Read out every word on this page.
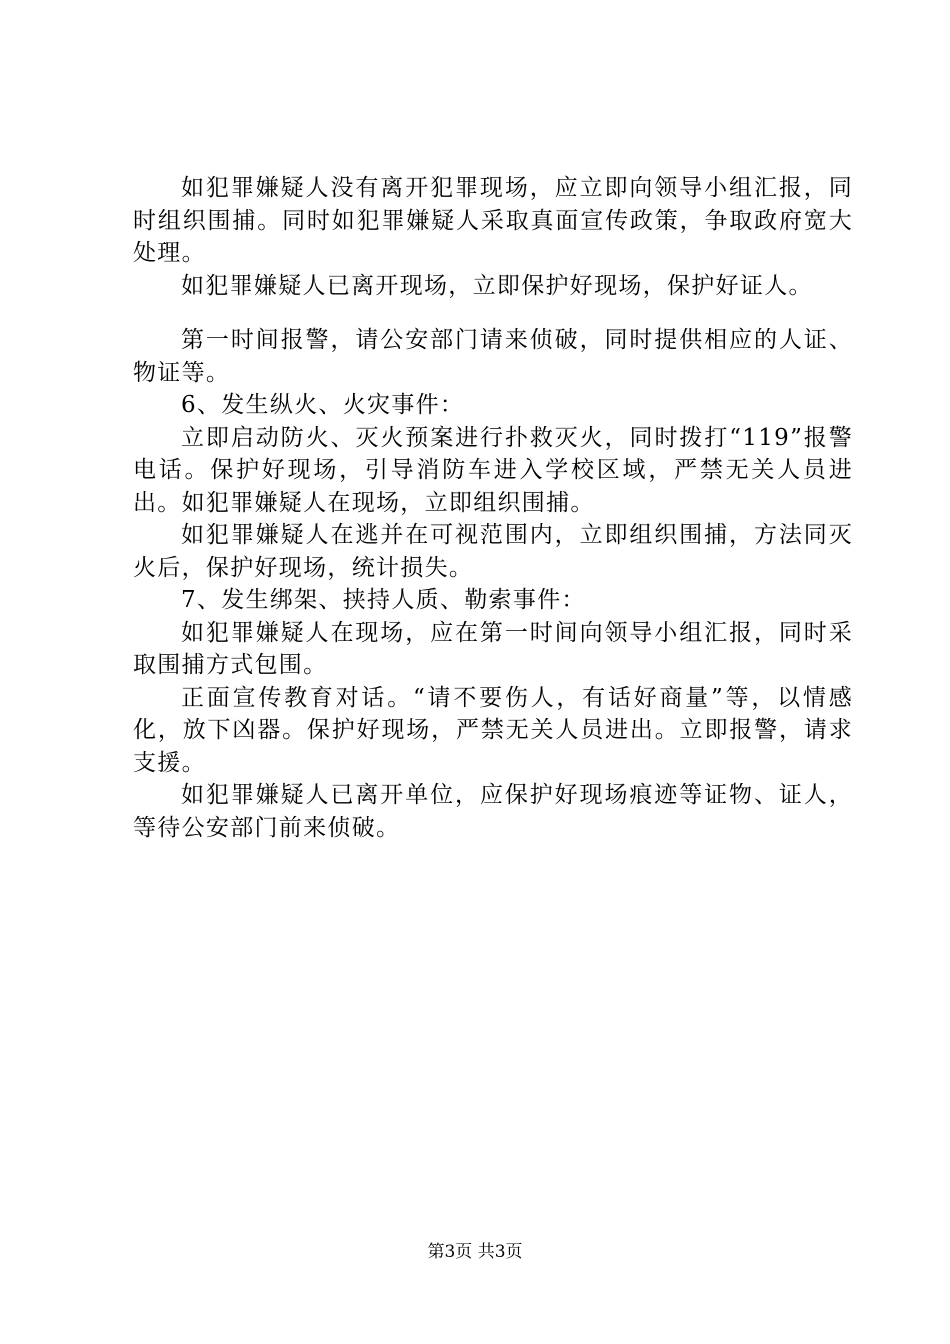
如犯罪嫌疑人没有离开犯罪现场，应立即向领导小组汇报，同时组织围捕。同时如犯罪嫌疑人采取真面宣传政策，争取政府宽大处理。

如犯罪嫌疑人已离开现场，立即保护好现场，保护好证人。

第一时间报警，请公安部门请来侦破，同时提供相应的人证、物证等。

6、发生纵火、火灾事件：

立即启动防火、灭火预案进行扑救灭火，同时拨打“119”报警电话。保护好现场，引导消防车进入学校区域，严禁无关人员进出。如犯罪嫌疑人在现场，立即组织围捕。

如犯罪嫌疑人在逃并在可视范围内，立即组织围捕，方法同灭火后，保护好现场，统计损失。

7、发生绑架、挟持人质、勒索事件：

如犯罪嫌疑人在现场，应在第一时间向领导小组汇报，同时采取围捕方式包围。

正面宣传教育对话。“请不要伤人，有话好商量”等，以情感化，放下凶器。保护好现场，严禁无关人员进出。立即报警，请求支援。

如犯罪嫌疑人已离开单位，应保护好现场痕迹等证物、证人，等待公安部门前来侦破。

第3页 共3页
